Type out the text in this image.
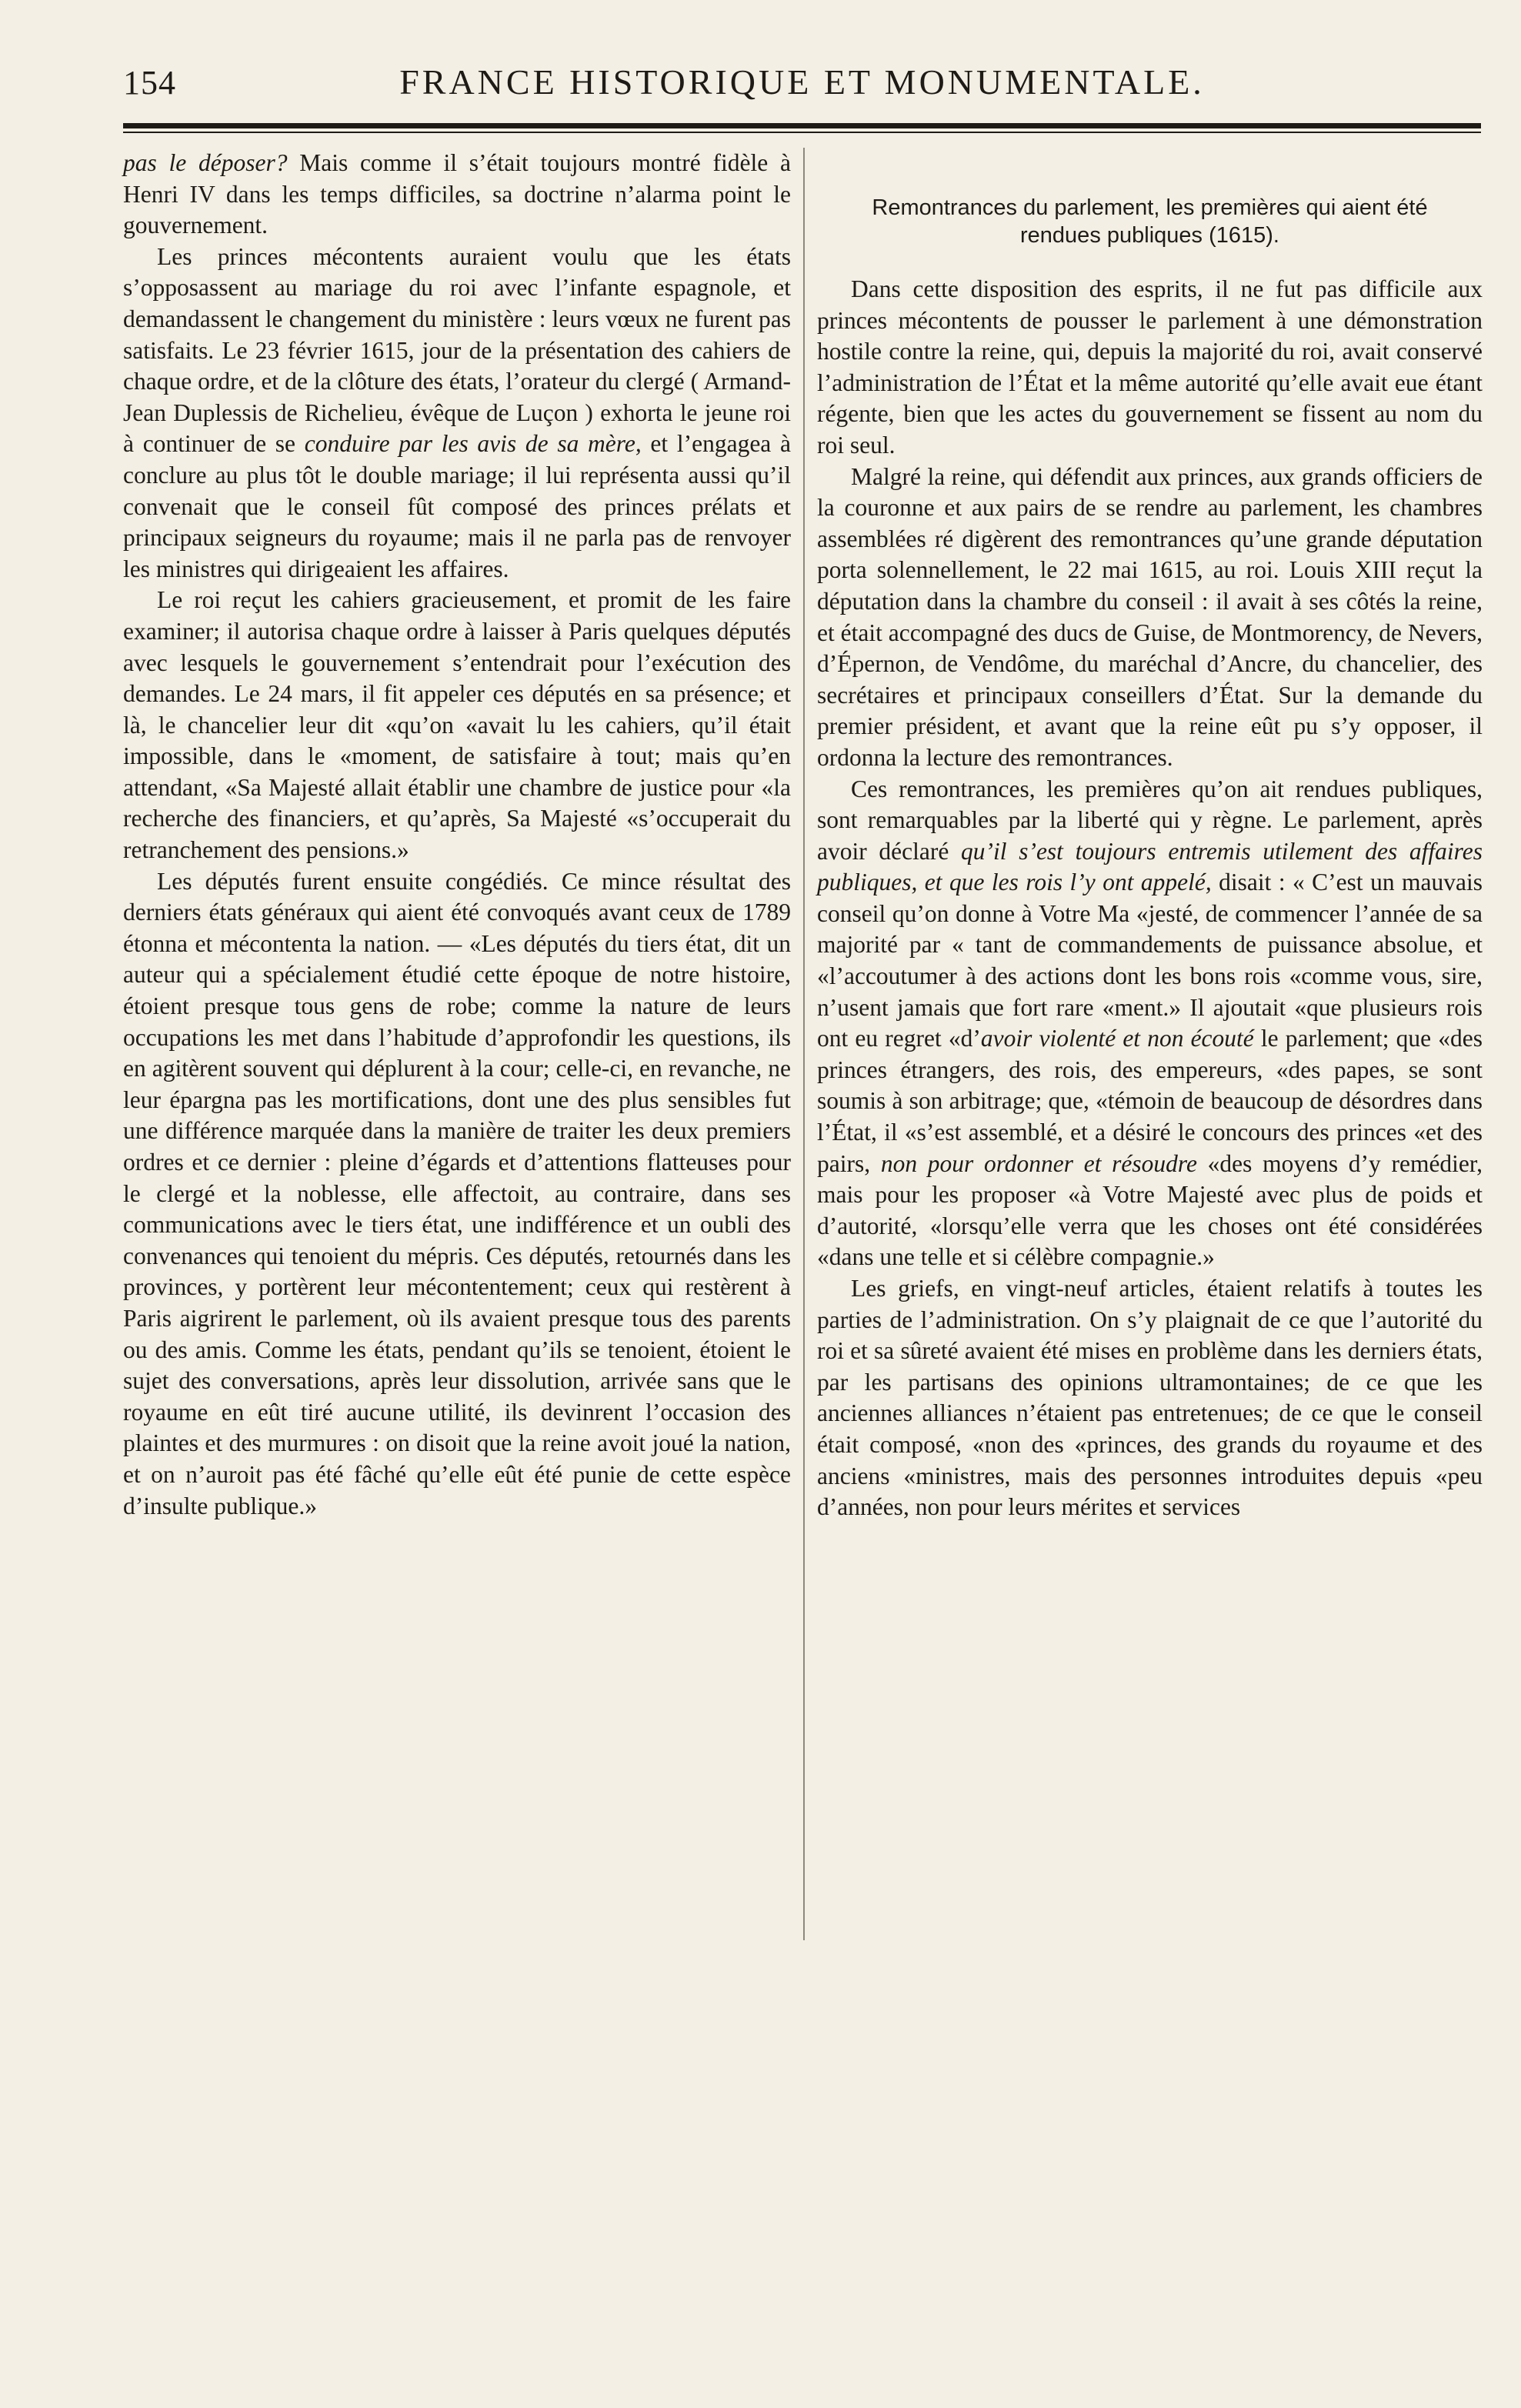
154	FRANCE HISTORIQUE ET MONUMENTALE.

pas le déposer? Mais comme il s’était toujours montré fidèle à Henri IV dans les temps difficiles, sa doctrine n’alarma point le gouvernement.

Les princes mécontents auraient voulu que les états s’opposassent au mariage du roi avec l’infante espagnole, et demandassent le changement du ministère : leurs vœux ne furent pas satisfaits. Le 23 février 1615, jour de la présentation des cahiers de chaque ordre, et de la clôture des états, l’orateur du clergé ( Armand-Jean Duplessis de Richelieu, évêque de Luçon ) exhorta le jeune roi à continuer de se conduire par les avis de sa mère, et l’engagea à conclure au plus tôt le double mariage; il lui représenta aussi qu’il convenait que le conseil fût composé des princes prélats et principaux seigneurs du royaume; mais il ne parla pas de renvoyer les ministres qui dirigeaient les affaires.

Le roi reçut les cahiers gracieusement, et promit de les faire examiner; il autorisa chaque ordre à laisser à Paris quelques députés avec lesquels le gouvernement s’entendrait pour l’exécution des demandes. Le 24 mars, il fit appeler ces députés en sa présence; et là, le chancelier leur dit «qu’on «avait lu les cahiers, qu’il était impossible, dans le «moment, de satisfaire à tout; mais qu’en attendant, «Sa Majesté allait établir une chambre de justice pour «la recherche des financiers, et qu’après, Sa Majesté «s’occuperait du retranchement des pensions.»

Les députés furent ensuite congédiés. Ce mince résultat des derniers états généraux qui aient été convoqués avant ceux de 1789 étonna et mécontenta la nation. — «Les députés du tiers état, dit un auteur qui a spécialement étudié cette époque de notre histoire, étoient presque tous gens de robe; comme la nature de leurs occupations les met dans l’habitude d’approfondir les questions, ils en agitèrent souvent qui déplurent à la cour; celle-ci, en revanche, ne leur épargna pas les mortifications, dont une des plus sensibles fut une différence marquée dans la manière de traiter les deux premiers ordres et ce dernier : pleine d’égards et d’attentions flatteuses pour le clergé et la noblesse, elle affectoit, au contraire, dans ses communications avec le tiers état, une indifférence et un oubli des convenances qui tenoient du mépris. Ces députés, retournés dans les provinces, y portèrent leur mécontentement; ceux qui restèrent à Paris aigrirent le parlement, où ils avaient presque tous des parents ou des amis. Comme les états, pendant qu’ils se tenoient, étoient le sujet des conversations, après leur dissolution, arrivée sans que le royaume en eût tiré aucune utilité, ils devinrent l’occasion des plaintes et des murmures : on disoit que la reine avoit joué la nation, et on n’auroit pas été fâché qu’elle eût été punie de cette espèce d’insulte publique.»

Remontrances du parlement, les premières qui aient été rendues publiques (1615).

Dans cette disposition des esprits, il ne fut pas difficile aux princes mécontents de pousser le parlement à une démonstration hostile contre la reine, qui, depuis la majorité du roi, avait conservé l’administration de l’État et la même autorité qu’elle avait eue étant régente, bien que les actes du gouvernement se fissent au nom du roi seul.

Malgré la reine, qui défendit aux princes, aux grands officiers de la couronne et aux pairs de se rendre au parlement, les chambres assemblées ré digèrent des remontrances qu’une grande députation porta solennellement, le 22 mai 1615, au roi. Louis XIII reçut la députation dans la chambre du conseil : il avait à ses côtés la reine, et était accompagné des ducs de Guise, de Montmorency, de Nevers, d’Épernon, de Vendôme, du maréchal d’Ancre, du chancelier, des secrétaires et principaux conseillers d’État. Sur la demande du premier président, et avant que la reine eût pu s’y opposer, il ordonna la lecture des remontrances.

Ces remontrances, les premières qu’on ait rendues publiques, sont remarquables par la liberté qui y règne. Le parlement, après avoir déclaré qu’il s’est toujours entremis utilement des affaires publiques, et que les rois l’y ont appelé, disait : « C’est un mauvais conseil qu’on donne à Votre Ma «jesté, de commencer l’année de sa majorité par « tant de commandements de puissance absolue, et «l’accoutumer à des actions dont les bons rois «comme vous, sire, n’usent jamais que fort rare «ment.» Il ajoutait «que plusieurs rois ont eu regret «d’avoir violenté et non écouté le parlement; que «des princes étrangers, des rois, des empereurs, «des papes, se sont soumis à son arbitrage; que, «témoin de beaucoup de désordres dans l’État, il «s’est assemblé, et a désiré le concours des princes «et des pairs, non pour ordonner et résoudre «des moyens d’y remédier, mais pour les proposer «à Votre Majesté avec plus de poids et d’autorité, «lorsqu’elle verra que les choses ont été considérées «dans une telle et si célèbre compagnie.»

Les griefs, en vingt-neuf articles, étaient relatifs à toutes les parties de l’administration. On s’y plaignait de ce que l’autorité du roi et sa sûreté avaient été mises en problème dans les derniers états, par les partisans des opinions ultramontaines; de ce que les anciennes alliances n’étaient pas entretenues; de ce que le conseil était composé, «non des «princes, des grands du royaume et des anciens «ministres, mais des personnes introduites depuis «peu d’années, non pour leurs mérites et services
